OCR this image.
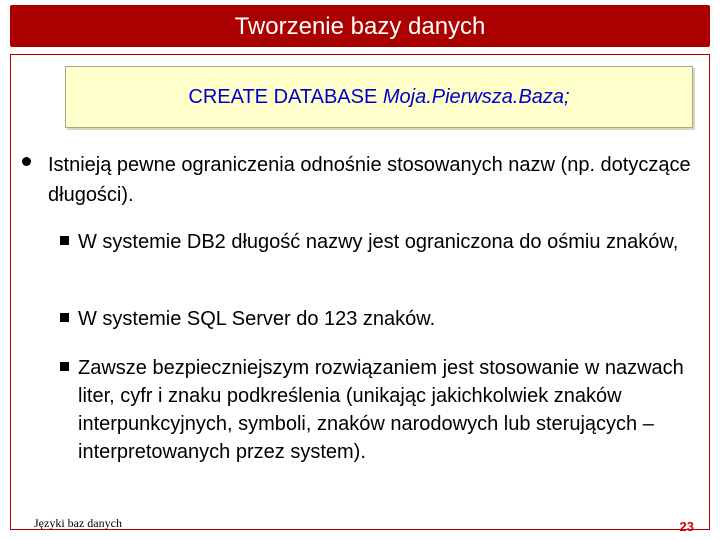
Tworzenie bazy danych
CREATE DATABASE Moja.Pierwsza.Baza;
Istnieją pewne ograniczenia odnośnie stosowanych nazw (np. dotyczące długości).
W systemie DB2 długość nazwy jest ograniczona do ośmiu znaków,
W systemie SQL Server do 123 znaków.
Zawsze bezpieczniejszym rozwiązaniem jest stosowanie w nazwach liter, cyfr i znaku podkreślenia (unikając jakichkolwiek znaków interpunkcyjnych, symboli, znaków narodowych lub sterujących – interpretowanych przez system).
Języki baz danych	23
